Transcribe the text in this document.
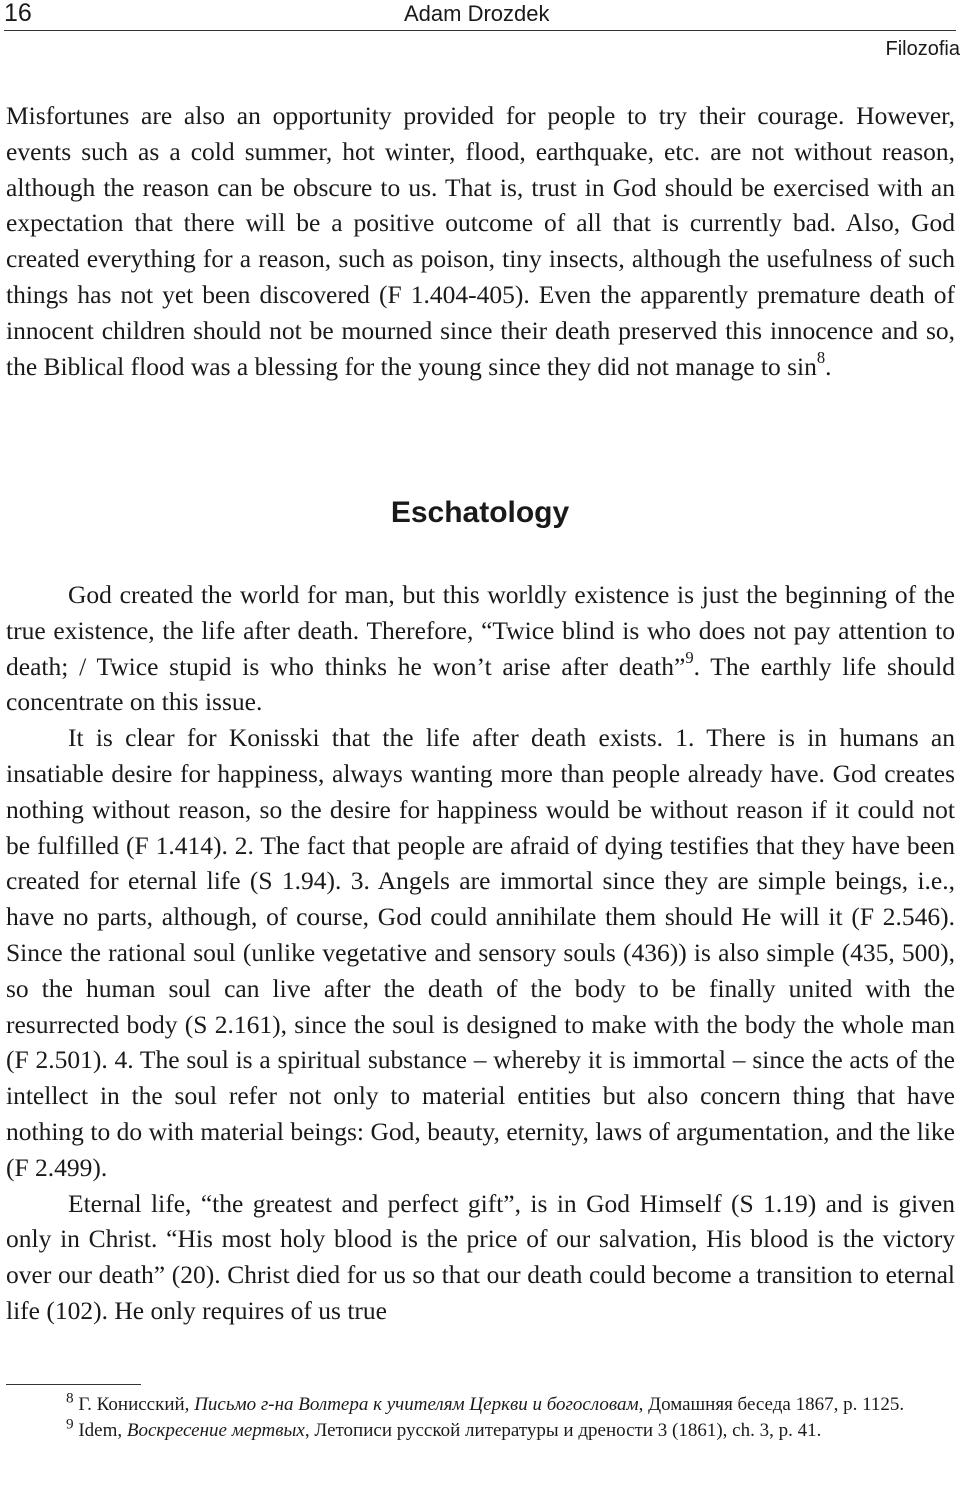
16	Adam Drozdek
Filozofia

Misfortunes are also an opportunity provided for people to try their courage. However, events such as a cold summer, hot winter, flood, earthquake, etc. are not without reason, although the reason can be obscure to us. That is, trust in God should be exercised with an expectation that there will be a positive outcome of all that is currently bad. Also, God created everything for a reason, such as poison, tiny insects, although the usefulness of such things has not yet been discovered (F 1.404-405). Even the apparently premature death of innocent children should not be mourned since their death preserved this innocence and so, the Biblical flood was a blessing for the young since they did not manage to $\sin^8$.

Eschatology

God created the world for man, but this worldly existence is just the beginning of the true existence, the life after death. Therefore, “Twice blind is who does not pay attention to death; / Twice stupid is who thinks he won’t arise after death”$^9$. The earthly life should concentrate on this issue.

It is clear for Konisski that the life after death exists. 1. There is in humans an insatiable desire for happiness, always wanting more than people already have. God creates nothing without reason, so the desire for happiness would be without reason if it could not be fulfilled (F 1.414). 2. The fact that people are afraid of dying testifies that they have been created for eternal life (S 1.94). 3. Angels are immortal since they are simple beings, i.e., have no parts, although, of course, God could annihilate them should He will it (F 2.546). Since the rational soul (unlike vegetative and sensory souls (436)) is also simple (435, 500), so the human soul can live after the death of the body to be finally united with the resurrected body (S 2.161), since the soul is designed to make with the body the whole man (F 2.501). 4. The soul is a spiritual substance – whereby it is immortal – since the acts of the intellect in the soul refer not only to material entities but also concern thing that have nothing to do with material beings: God, beauty, eternity, laws of argumentation, and the like (F 2.499).

Eternal life, “the greatest and perfect gift”, is in God Himself (S 1.19) and is given only in Christ. “His most holy blood is the price of our salvation, His blood is the victory over our death” (20). Christ died for us so that our death could become a transition to eternal life (102). He only requires of us true

$^8$ Г. Конисский, Письмо г-на Волтера к учителям Церкви и богословам, Домашняя беседа 1867, p. 1125.

$^9$ Idem, Воскресение мертвых, Летописи русской литературы и дрености 3 (1861), ch. 3, p. 41.
